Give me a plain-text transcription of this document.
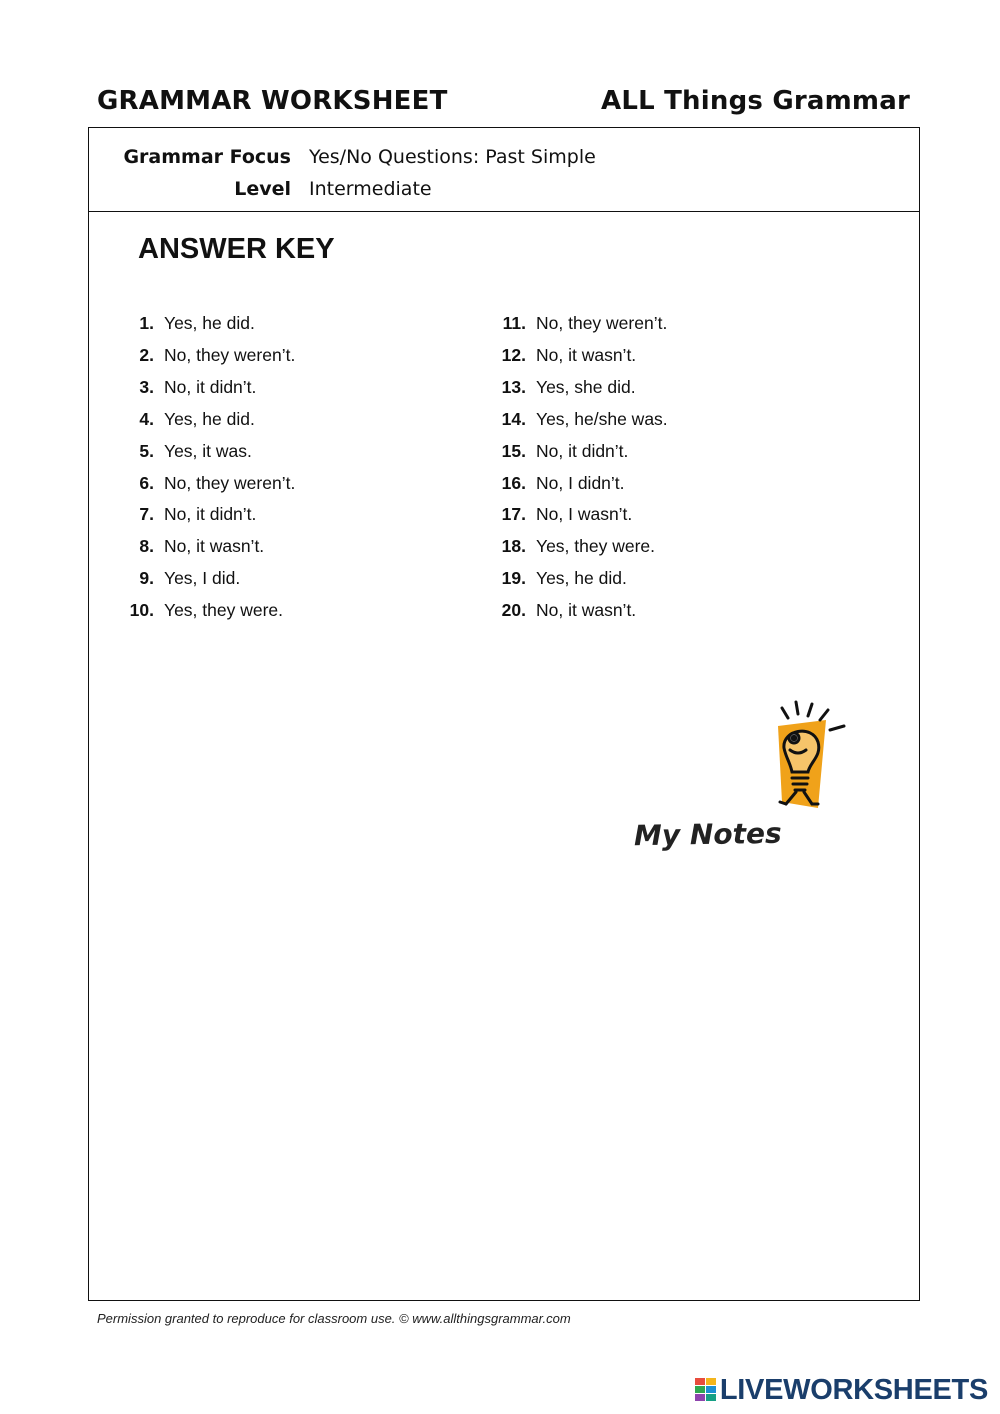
GRAMMAR WORKSHEET	ALL Things Grammar
Grammar Focus Yes/No Questions: Past Simple
Level Intermediate
ANSWER KEY
1. Yes, he did.
2. No, they weren’t.
3. No, it didn’t.
4. Yes, he did.
5. Yes, it was.
6. No, they weren’t.
7. No, it didn’t.
8. No, it wasn’t.
9. Yes, I did.
10. Yes, they were.
11. No, they weren’t.
12. No, it wasn’t.
13. Yes, she did.
14. Yes, he/she was.
15. No, it didn’t.
16. No, I didn’t.
17. No, I wasn’t.
18. Yes, they were.
19. Yes, he did.
20. No, it wasn’t.
My Notes
Permission granted to reproduce for classroom use. © www.allthingsgrammar.com
LIVEWORKSHEETS
